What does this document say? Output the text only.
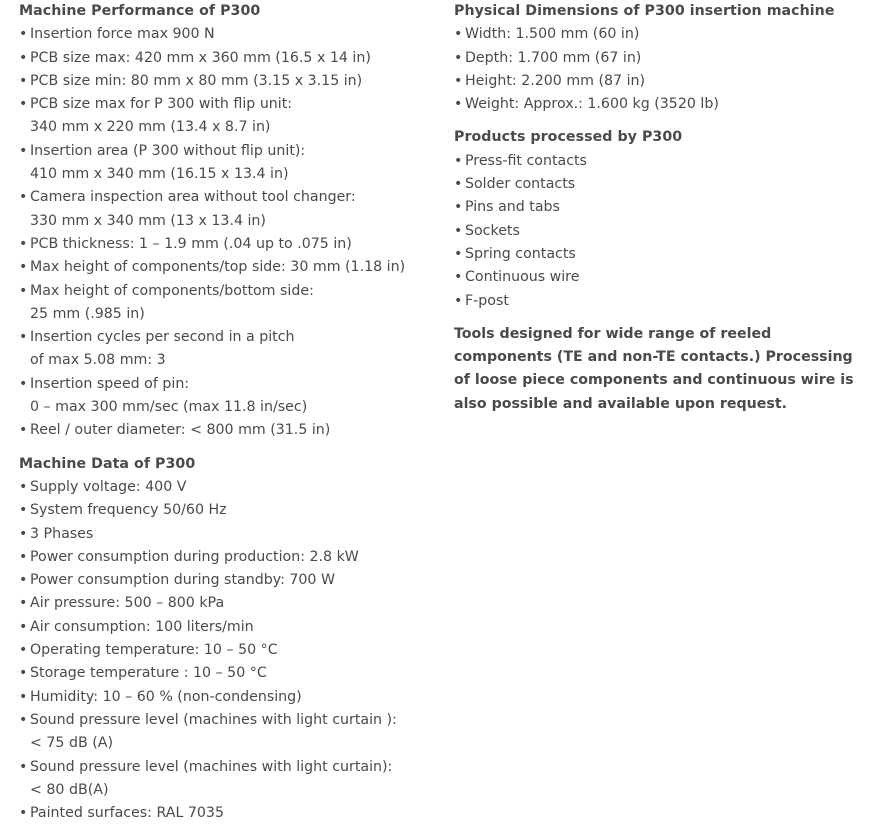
Machine Performance of P300
• Insertion force max 900 N
• PCB size max: 420 mm x 360 mm (16.5 x 14 in)
• PCB size min: 80 mm x 80 mm (3.15 x 3.15 in)
• PCB size max for P 300 with flip unit:
340 mm x 220 mm (13.4 x 8.7 in)
• Insertion area (P 300 without flip unit):
410 mm x 340 mm (16.15 x 13.4 in)
• Camera inspection area without tool changer:
330 mm x 340 mm (13 x 13.4 in)
• PCB thickness: 1 – 1.9 mm (.04 up to .075 in)
• Max height of components/top side: 30 mm (1.18 in)
• Max height of components/bottom side:
25 mm (.985 in)
• Insertion cycles per second in a pitch
of max 5.08 mm: 3
• Insertion speed of pin:
0 – max 300 mm/sec (max 11.8 in/sec)
• Reel / outer diameter: < 800 mm (31.5 in)
Machine Data of P300
• Supply voltage: 400 V
• System frequency 50/60 Hz
• 3 Phases
• Power consumption during production: 2.8 kW
• Power consumption during standby: 700 W
• Air pressure: 500 – 800 kPa
• Air consumption: 100 liters/min
• Operating temperature: 10 – 50 °C
• Storage temperature : 10 – 50 °C
• Humidity: 10 – 60 % (non-condensing)
• Sound pressure level (machines with light curtain ):
< 75 dB (A)
• Sound pressure level (machines with light curtain):
< 80 dB(A)
• Painted surfaces: RAL 7035
Physical Dimensions of P300 insertion machine
• Width: 1.500 mm (60 in)
• Depth: 1.700 mm (67 in)
• Height: 2.200 mm (87 in)
• Weight: Approx.: 1.600 kg (3520 lb)
Products processed by P300
• Press-fit contacts
• Solder contacts
• Pins and tabs
• Sockets
• Spring contacts
• Continuous wire
• F-post

Tools designed for wide range of reeled components (TE and non-TE contacts.) Processing of loose piece components and continuous wire is also possible and available upon request.
